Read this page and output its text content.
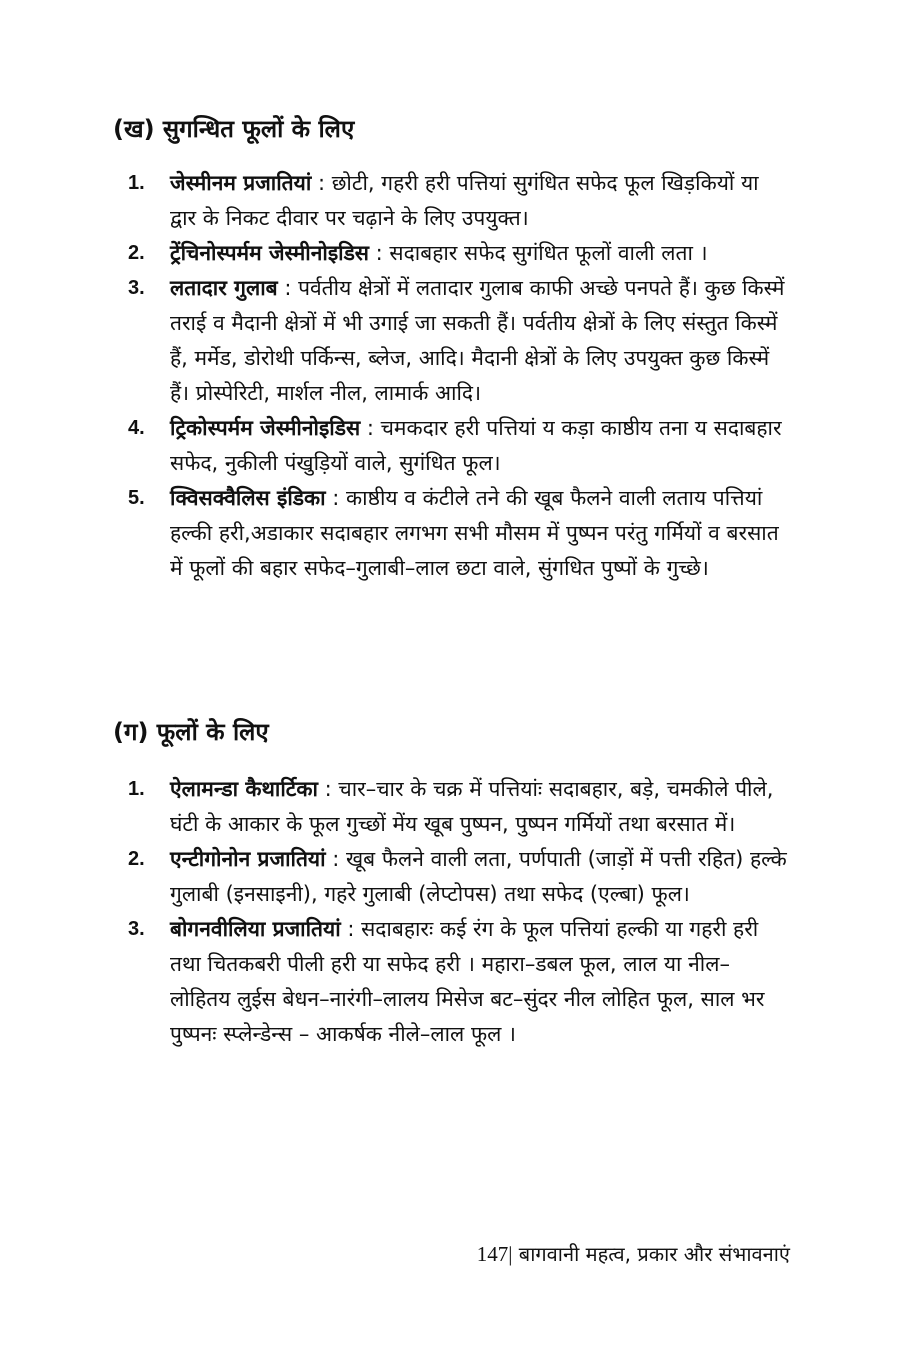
(ख) सुगन्धित फूलों के लिए
1. जेस्मीनम प्रजातियां : छोटी, गहरी हरी पत्तियां सुगंधित सफेद फूल खिड़कियों या द्वार के निकट दीवार पर चढ़ाने के लिए उपयुक्त।
2. ट्रेंचिनोस्पर्मम जेस्मीनोइडिस : सदाबहार सफेद सुगंधित फूलों वाली लता ।
3. लतादार गुलाब : पर्वतीय क्षेत्रों में लतादार गुलाब काफी अच्छे पनपते हैं। कुछ किस्में तराई व मैदानी क्षेत्रों में भी उगाई जा सकती हैं। पर्वतीय क्षेत्रों के लिए संस्तुत किस्में हैं, मर्मेड, डोरोथी पर्किन्स, ब्लेज, आदि। मैदानी क्षेत्रों के लिए उपयुक्त कुछ किस्में हैं। प्रोस्पेरिटी, मार्शल नील, लामार्क आदि।
4. ट्रिकोस्पर्मम जेस्मीनोइडिस : चमकदार हरी पत्तियां य कड़ा काष्ठीय तना य सदाबहार सफेद, नुकीली पंखुड़ियों वाले, सुगंधित फूल।
5. क्विसक्वैलिस इंडिका : काष्ठीय व कंटीले तने की खूब फैलने वाली लताय पत्तियां हल्की हरी,अडाकार सदाबहार लगभग सभी मौसम में पुष्पन परंतु गर्मियों व बरसात में फूलों की बहार सफेद–गुलाबी–लाल छटा वाले, सुंगधित पुष्पों के गुच्छे।
(ग) फूलों के लिए
1. ऐलामन्डा कैथार्टिका : चार–चार के चक्र में पत्तियांः सदाबहार, बड़े, चमकीले पीले, घंटी के आकार के फूल गुच्छों मेंय खूब पुष्पन, पुष्पन गर्मियों तथा बरसात में।
2. एन्टीगोनोन प्रजातियां : खूब फैलने वाली लता, पर्णपाती (जाड़ों में पत्ती रहित) हल्के गुलाबी (इनसाइनी), गहरे गुलाबी (लेप्टोपस) तथा सफेद (एल्बा) फूल।
3. बोगनवीलिया प्रजातियां : सदाबहारः कई रंग के फूल पत्तियां हल्की या गहरी हरी तथा चितकबरी पीली हरी या सफेद हरी । महारा–डबल फूल, लाल या नील–लोहितय लुईस बेधन–नारंगी–लालय मिसेज बट–सुंदर नील लोहित फूल, साल भर पुष्पनः स्प्लेन्डेन्स – आकर्षक नीले–लाल फूल ।
147| बागवानी महत्व, प्रकार और संभावनाएं
